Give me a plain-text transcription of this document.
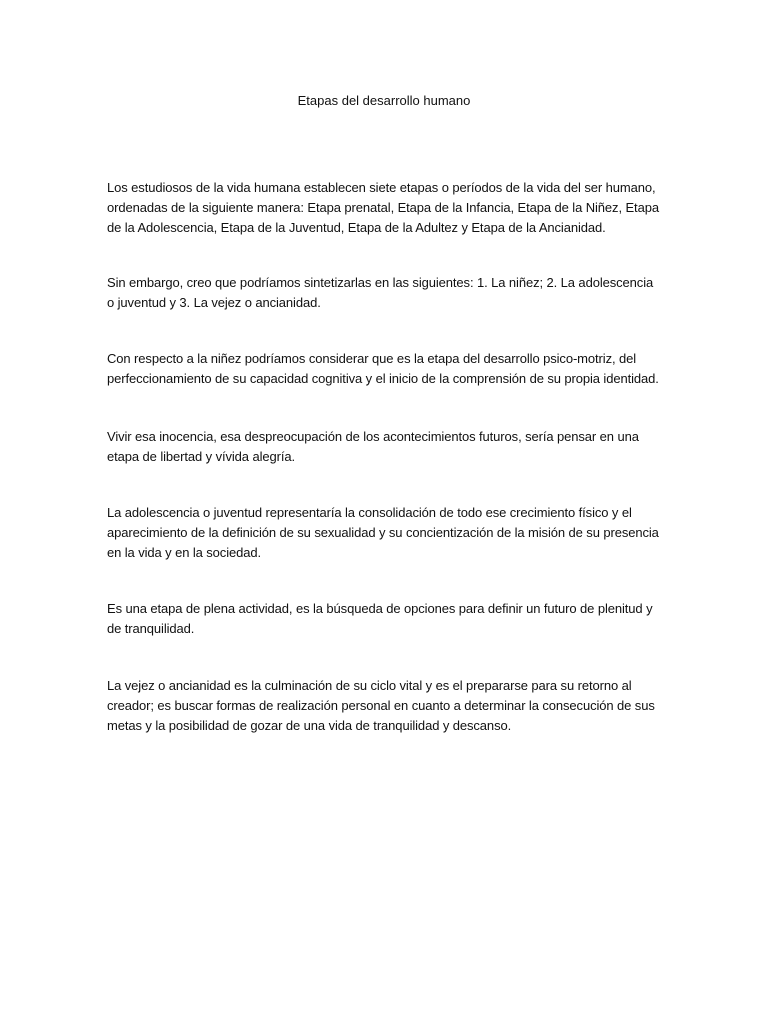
Etapas del desarrollo humano

Los estudiosos de la vida humana establecen siete etapas o períodos de la vida del ser humano, ordenadas de la siguiente manera: Etapa prenatal, Etapa de la Infancia, Etapa de la Niñez, Etapa de la Adolescencia, Etapa de la Juventud, Etapa de la Adultez y Etapa de la Ancianidad.

Sin embargo, creo que podríamos sintetizarlas en las siguientes: 1. La niñez; 2. La adolescencia o juventud y 3. La vejez o ancianidad.

Con respecto a la niñez podríamos considerar que es la etapa del desarrollo psico-motriz, del perfeccionamiento de su capacidad cognitiva y el inicio de la comprensión de su propia identidad.

Vivir esa inocencia, esa despreocupación de los acontecimientos futuros, sería pensar en una etapa de libertad y vívida alegría.

La adolescencia o juventud representaría la consolidación de todo ese crecimiento físico y el aparecimiento de la definición de su sexualidad y su concientización de la misión de su presencia en la vida y en la sociedad.

Es una etapa de plena actividad, es la búsqueda de opciones para definir un futuro de plenitud y de tranquilidad.

La vejez o ancianidad es la culminación de su ciclo vital y es el prepararse para su retorno al creador; es buscar formas de realización personal en cuanto a determinar la consecución de sus metas y la posibilidad de gozar de una vida de tranquilidad y descanso.
